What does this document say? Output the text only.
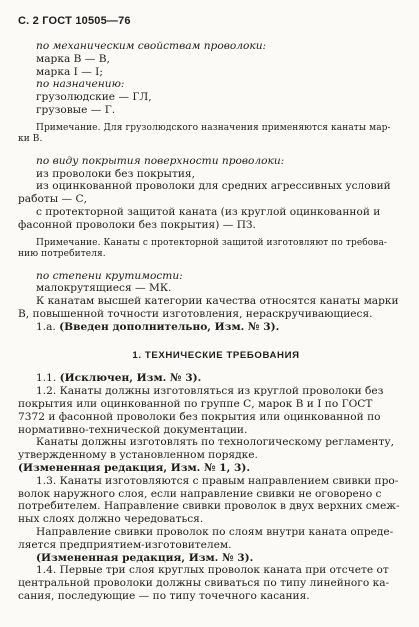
С. 2 ГОСТ 10505—76

по механическим свойствам проволоки:

марка В — В,

марка I — I;

по назначению:

грузолюдские — ГЛ,

грузовые — Г.

Примечание. Для грузолюдского назначения применяются канаты мар-

ки В.

по виду покрытия поверхности проволоки:

из проволоки без покрытия,

из оцинкованной проволоки для средних агрессивных условий

работы — С,

с протекторной защитой каната (из круглой оцинкованной и

фасонной проволоки без покрытия) — ПЗ.

Примечание. Канаты с протекторной защитой изготовляют по требова-

нию потребителя.

по степени крутимости:

малокрутящиеся — МК.

К канатам высшей категории качества относятся канаты марки

В, повышенной точности изготовления, нераскручивающиеся.

1.а. (Введен дополнительно, Изм. № 3).

1. ТЕХНИЧЕСКИЕ ТРЕБОВАНИЯ

1.1. (Исключен, Изм. № 3).

1.2. Канаты должны изготовляться из круглой проволоки без

покрытия или оцинкованной по группе С, марок В и I по ГОСТ

7372 и фасонной проволоки без покрытия или оцинкованной по

нормативно-технической документации.

Канаты должны изготовлять по технологическому регламенту,

утвержденному в установленном порядке.

(Измененная редакция, Изм. № 1, 3).

1.3. Канаты изготовляются с правым направлением свивки про-

волок наружного слоя, если направление свивки не оговорено с

потребителем. Направление свивки проволок в двух верхних смеж-

ных слоях должно чередоваться.

Направление свивки проволок по слоям внутри каната опреде-

ляется предприятием-изготовителем.

(Измененная редакция, Изм. № 3).

1.4. Первые три слоя круглых проволок каната при отсчете от

центральной проволоки должны свиваться по типу линейного ка-

сания, последующие — по типу точечного касания.
